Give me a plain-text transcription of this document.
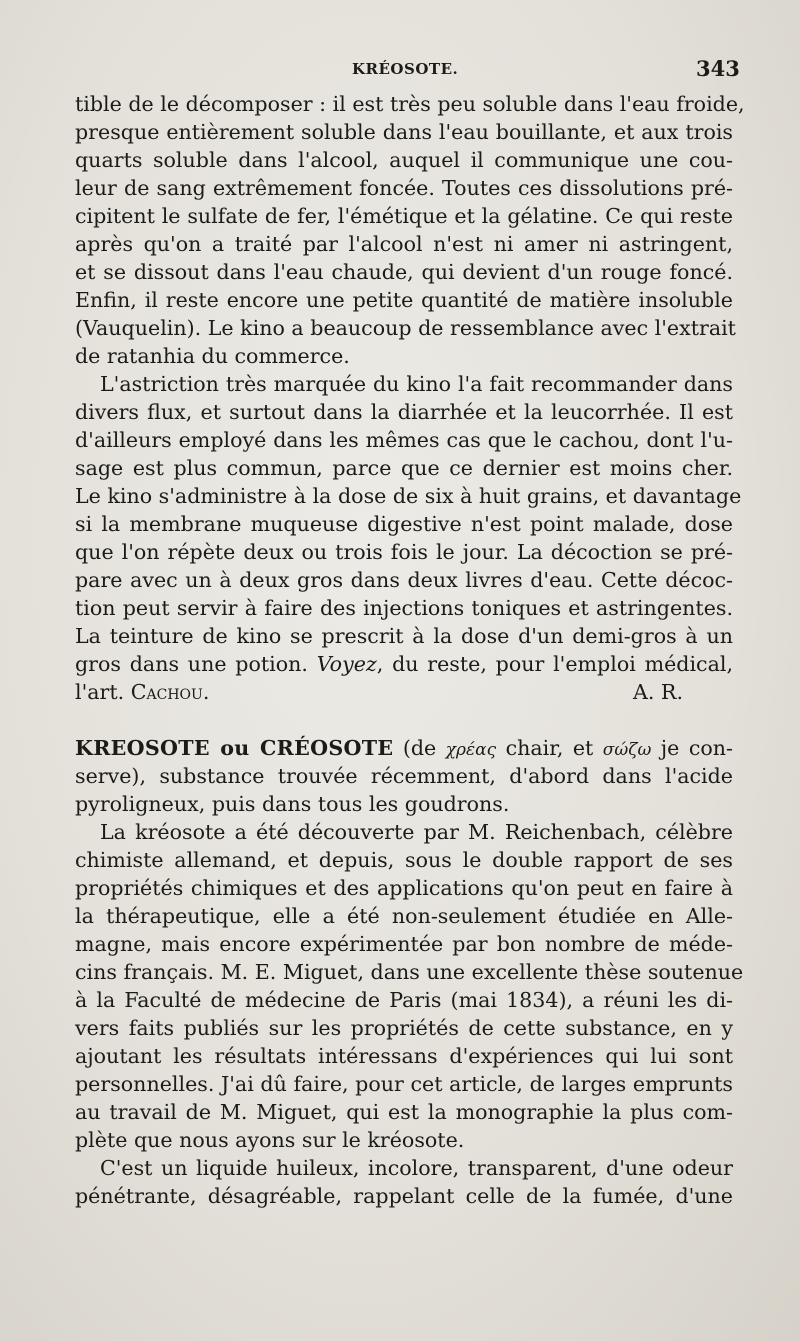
KRÉOSOTE.	343
tible de le décomposer : il est très peu soluble dans l'eau froide,
presque entièrement soluble dans l'eau bouillante, et aux trois
quarts soluble dans l'alcool, auquel il communique une cou-
leur de sang extrêmement foncée. Toutes ces dissolutions pré-
cipitent le sulfate de fer, l'émétique et la gélatine. Ce qui reste
après qu'on a traité par l'alcool n'est ni amer ni astringent,
et se dissout dans l'eau chaude, qui devient d'un rouge foncé.
Enfin, il reste encore une petite quantité de matière insoluble
(Vauquelin). Le kino a beaucoup de ressemblance avec l'extrait
de ratanhia du commerce.
L'astriction très marquée du kino l'a fait recommander dans
divers flux, et surtout dans la diarrhée et la leucorrhée. Il est
d'ailleurs employé dans les mêmes cas que le cachou, dont l'u-
sage est plus commun, parce que ce dernier est moins cher.
Le kino s'administre à la dose de six à huit grains, et davantage
si la membrane muqueuse digestive n'est point malade, dose
que l'on répète deux ou trois fois le jour. La décoction se pré-
pare avec un à deux gros dans deux livres d'eau. Cette décoc-
tion peut servir à faire des injections toniques et astringentes.
La teinture de kino se prescrit à la dose d'un demi-gros à un
gros dans une potion. Voyez, du reste, pour l'emploi médical,
l'art. Cachou.	A. R.
KREOSOTE ou CRÉOSOTE (de χρέας chair, et σώζω je con-
serve), substance trouvée récemment, d'abord dans l'acide
pyroligneux, puis dans tous les goudrons.
La kréosote a été découverte par M. Reichenbach, célèbre
chimiste allemand, et depuis, sous le double rapport de ses
propriétés chimiques et des applications qu'on peut en faire à
la thérapeutique, elle a été non-seulement étudiée en Alle-
magne, mais encore expérimentée par bon nombre de méde-
cins français. M. E. Miguet, dans une excellente thèse soutenue
à la Faculté de médecine de Paris (mai 1834), a réuni les di-
vers faits publiés sur les propriétés de cette substance, en y
ajoutant les résultats intéressans d'expériences qui lui sont
personnelles. J'ai dû faire, pour cet article, de larges emprunts
au travail de M. Miguet, qui est la monographie la plus com-
plète que nous ayons sur le kréosote.
C'est un liquide huileux, incolore, transparent, d'une odeur
pénétrante, désagréable, rappelant celle de la fumée, d'une
